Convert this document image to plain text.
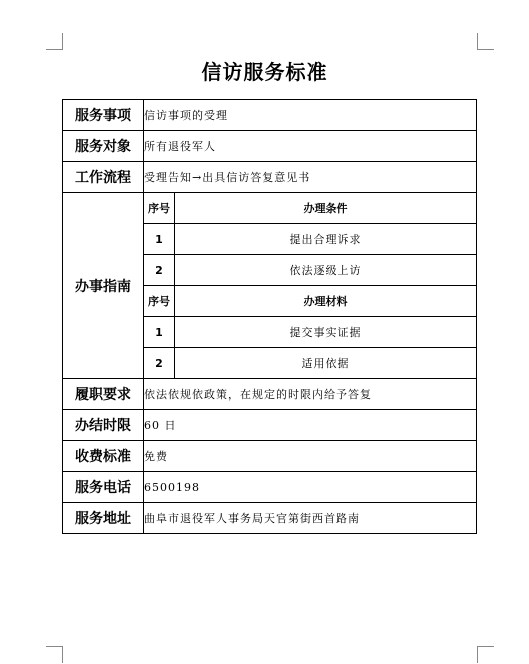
信访服务标准
服务事项	信访事项的受理	
服务对象	所有退役军人	
工作流程	受理告知→出具信访答复意见书	
办事指南	序号	办理条件
	1	提出合理诉求
	2	依法逐级上访
	序号	办理材料
	1	提交事实证据
	2	适用依据
履职要求	依法依规依政策，在规定的时限内给予答复	
办结时限	60 日	
收费标准	免费	
服务电话	6500198	
服务地址	曲阜市退役军人事务局天官第街西首路南	
